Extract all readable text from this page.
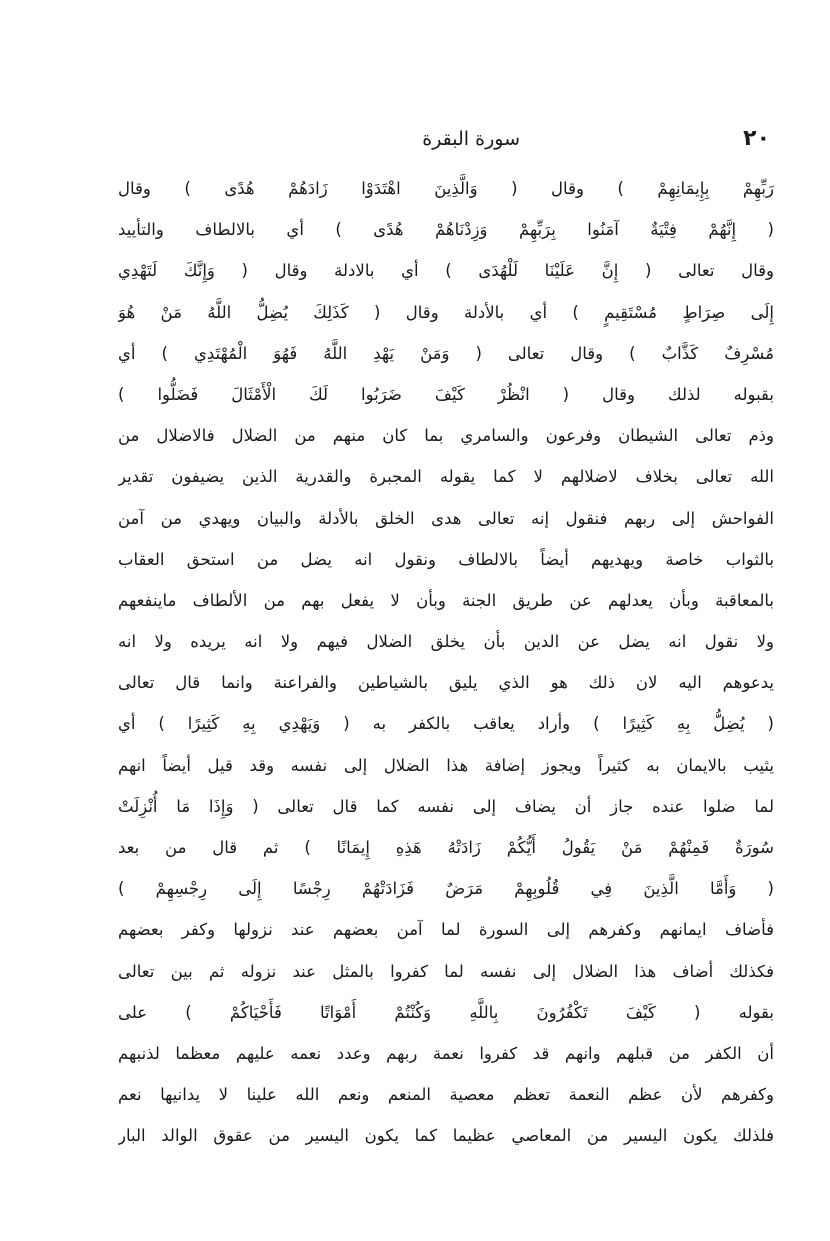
٢٠
سورة البقرة
رَبِّهِمْ بِإِيمَانِهِمْ ) وقال ( وَالَّذِينَ اهْتَدَوْا زَادَهُمْ هُدًى ) وقال
( إِنَّهُمْ فِتْيَةٌ آمَنُوا بِرَبِّهِمْ وَزِدْنَاهُمْ هُدًى ) أي بالالطاف والتأييد
وقال تعالى ( إِنَّ عَلَيْنَا لَلْهُدَى ) أي بالادلة وقال ( وَإِنَّكَ لَتَهْدِي
إِلَى صِرَاطٍ مُسْتَقِيمٍ ) أي بالأدلة وقال ( كَذَلِكَ يُضِلُّ اللَّهُ مَنْ هُوَ
مُسْرِفٌ كَذَّابٌ ) وقال تعالى ( وَمَنْ يَهْدِ اللَّهُ فَهُوَ الْمُهْتَدِي ) أي
بقبوله لذلك وقال ( انْظُرْ كَيْفَ ضَرَبُوا لَكَ الْأَمْثَالَ فَضَلُّوا )
وذم تعالى الشيطان وفرعون والسامري بما كان منهم من الضلال فالاضلال من
الله تعالى بخلاف لاضلالهم لا كما يقوله المجبرة والقدرية الذين يضيفون تقدير
الفواحش إلى ربهم فنقول إنه تعالى هدى الخلق بالأدلة والبيان ويهدي من آمن
بالثواب خاصة ويهديهم أيضاً بالالطاف ونقول انه يضل من استحق العقاب
بالمعاقبة وبأن يعدلهم عن طريق الجنة وبأن لا يفعل بهم من الألطاف ماينفعهم
ولا نقول انه يضل عن الدين بأن يخلق الضلال فيهم ولا انه يريده ولا انه
يدعوهم اليه لان ذلك هو الذي يليق بالشياطين والفراعنة وانما قال تعالى
( يُضِلُّ بِهِ كَثِيرًا ) وأراد يعاقب بالكفر به ( وَيَهْدِي بِهِ كَثِيرًا ) أي
يثيب بالايمان به كثيراً ويجوز إضافة هذا الضلال إلى نفسه وقد قيل أيضاً انهم
لما ضلوا عنده جاز أن يضاف إلى نفسه كما قال تعالى ( وَإِذَا مَا أُنْزِلَتْ
سُورَةٌ فَمِنْهُمْ مَنْ يَقُولُ أَيُّكُمْ زَادَتْهُ هَذِهِ إِيمَانًا ) ثم قال من بعد
( وَأَمَّا الَّذِينَ فِي قُلُوبِهِمْ مَرَضٌ فَزَادَتْهُمْ رِجْسًا إِلَى رِجْسِهِمْ )
فأضاف ايمانهم وكفرهم إلى السورة لما آمن بعضهم عند نزولها وكفر بعضهم
فكذلك أضاف هذا الضلال إلى نفسه لما كفروا بالمثل عند نزوله ثم بين تعالى
بقوله ( كَيْفَ تَكْفُرُونَ بِاللَّهِ وَكُنْتُمْ أَمْوَاتًا فَأَحْيَاكُمْ ) على
أن الكفر من قبلهم وانهم قد كفروا نعمة ربهم وعدد نعمه عليهم معظما لذنبهم
وكفرهم لأن عظم النعمة تعظم معصية المنعم ونعم الله علينا لا يدانيها نعم
فلذلك يكون اليسير من المعاصي عظيما كما يكون اليسير من عقوق الوالد البار
